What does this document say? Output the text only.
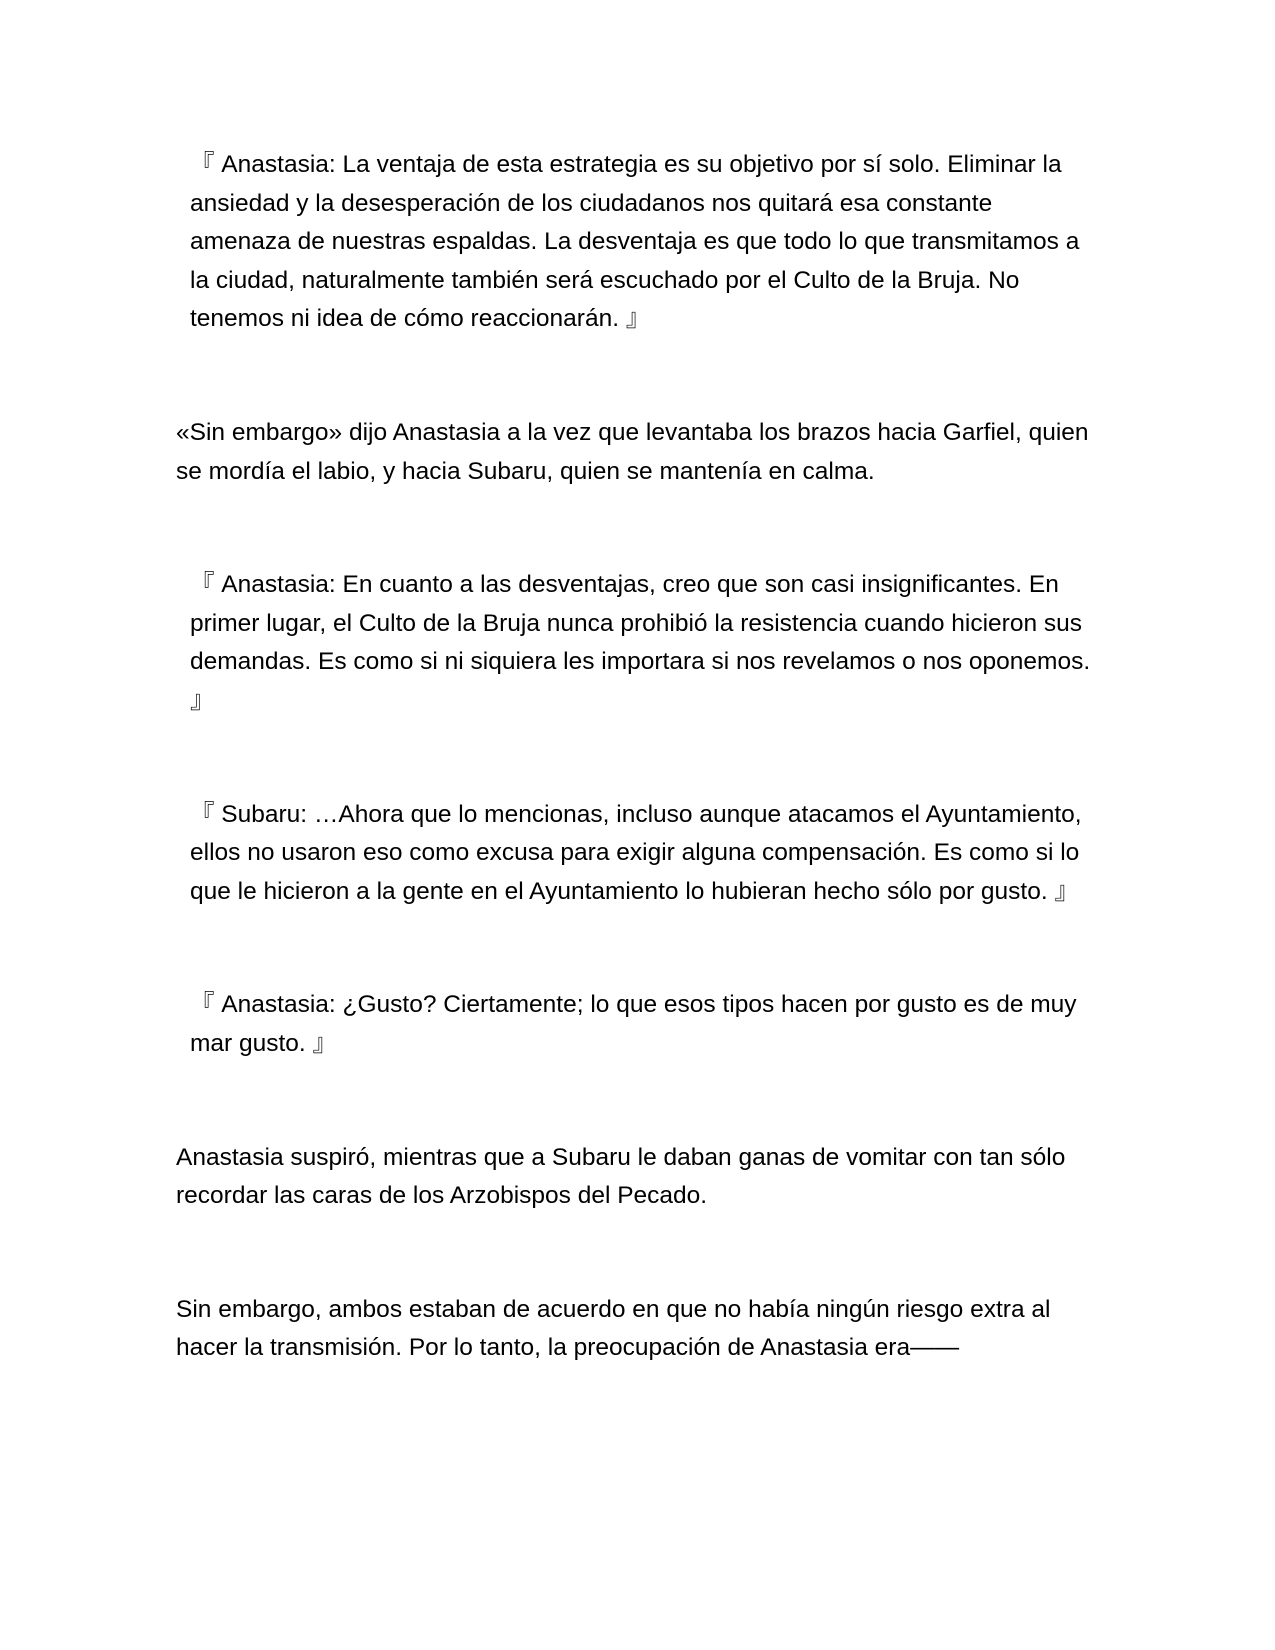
『 Anastasia: La ventaja de esta estrategia es su objetivo por sí solo. Eliminar la ansiedad y la desesperación de los ciudadanos nos quitará esa constante amenaza de nuestras espaldas. La desventaja es que todo lo que transmitamos a la ciudad, naturalmente también será escuchado por el Culto de la Bruja. No tenemos ni idea de cómo reaccionarán. 』

«Sin embargo» dijo Anastasia a la vez que levantaba los brazos hacia Garfiel, quien se mordía el labio, y hacia Subaru, quien se mantenía en calma.

『 Anastasia: En cuanto a las desventajas, creo que son casi insignificantes. En primer lugar, el Culto de la Bruja nunca prohibió la resistencia cuando hicieron sus demandas. Es como si ni siquiera les importara si nos revelamos o nos oponemos. 』

『 Subaru: …Ahora que lo mencionas, incluso aunque atacamos el Ayuntamiento, ellos no usaron eso como excusa para exigir alguna compensación. Es como si lo que le hicieron a la gente en el Ayuntamiento lo hubieran hecho sólo por gusto. 』

『 Anastasia: ¿Gusto? Ciertamente; lo que esos tipos hacen por gusto es de muy mar gusto. 』

Anastasia suspiró, mientras que a Subaru le daban ganas de vomitar con tan sólo recordar las caras de los Arzobispos del Pecado.

Sin embargo, ambos estaban de acuerdo en que no había ningún riesgo extra al hacer la transmisión. Por lo tanto, la preocupación de Anastasia era——
